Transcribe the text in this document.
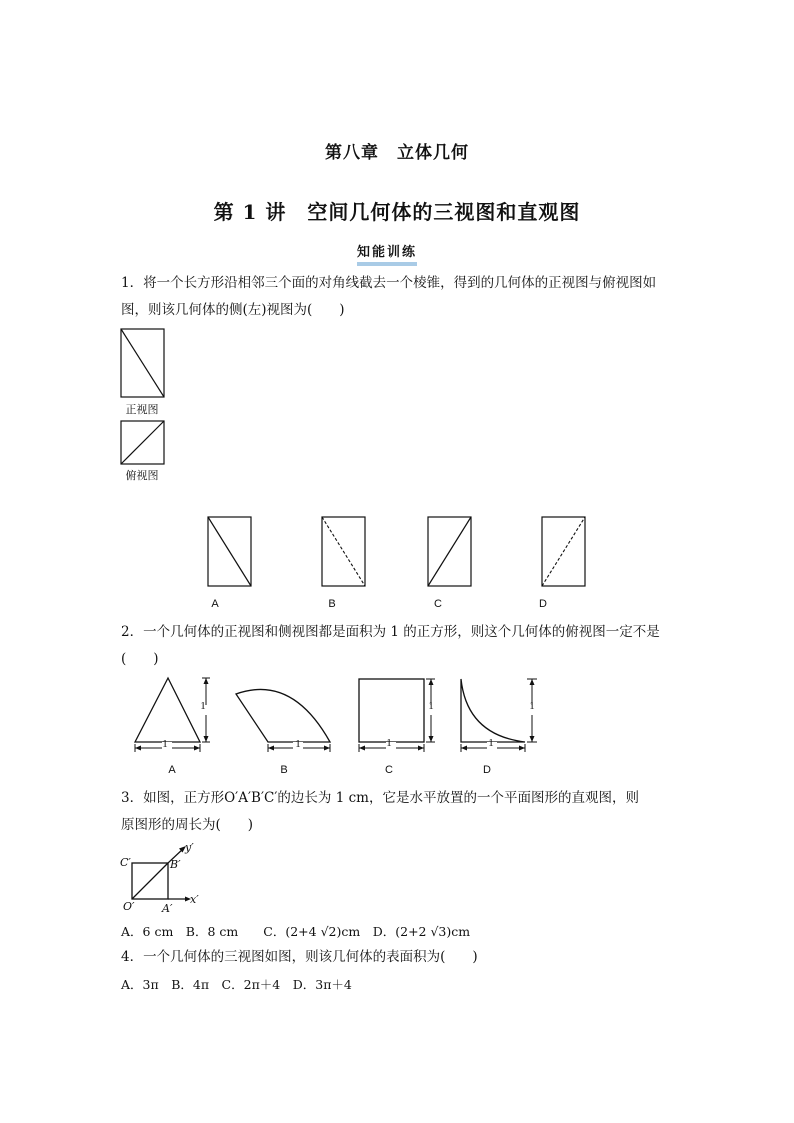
第八章　立体几何
第 1 讲　空间几何体的三视图和直观图
知能训练
1．将一个长方形沿相邻三个面的对角线截去一个棱锥，得到的几何体的正视图与俯视图如
图，则该几何体的侧(左)视图为(　　)
正视图
俯视图
A	B	C	D
2．一个几何体的正视图和侧视图都是面积为 1 的正方形，则这个几何体的俯视图一定不是
(　　)
1
1	1
1
1
1
1
A	B	C	D
3．如图，正方形O′A′B′C′的边长为 1 cm，它是水平放置的一个平面图形的直观图，则
原图形的周长为(　　)
C′	B′
O′ A′
x′
y′
A．6 cm　B．8 cm　　C．(2+4 √2)cm　D．(2+2 √3)cm
4．一个几何体的三视图如图，则该几何体的表面积为(　　)
A．3π　B．4π　C．2π＋4　D．3π＋4
